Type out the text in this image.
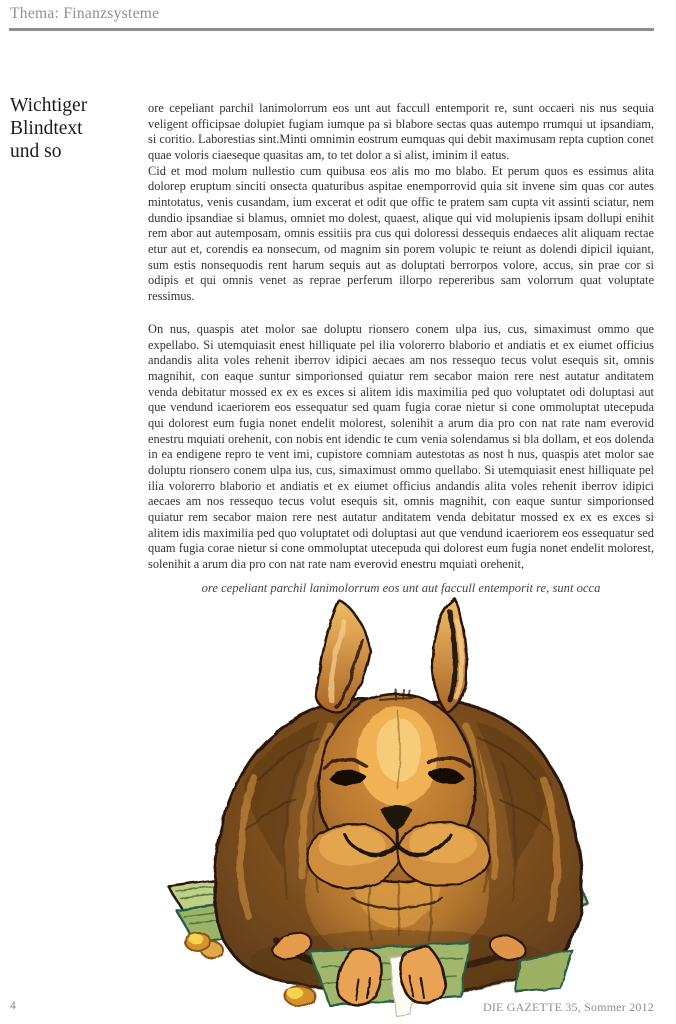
Thema: Finanzsysteme
Wichtiger
Blindtext
und so
ore cepeliant parchil lanimolorrum eos unt aut faccull entemporit re, sunt occaeri nis nus sequia veligent officipsae dolupiet fugiam iumque pa si blabore sectas quas autempo rrumqui ut ipsandiam, si coritio. Laborestias sint.Minti omnimin eostrum eumquas qui debit maximusam repta cuption conet quae voloris ciaeseque quasitas am, to tet dolor a si alist, iminim il eatus.
Cid et mod molum nullestio cum quibusa eos alis mo mo blabo. Et perum quos es essimus alita dolorep eruptum sinciti onsecta quaturibus aspitae enemporrovid quia sit invene sim quas cor autes mintotatus, venis cusandam, ium excerat et odit que offic te pratem sam cupta vit assinti sciatur, nem dundio ipsandiae si blamus, omniet mo dolest, quaest, alique qui vid molupienis ipsam dollupi enihit rem abor aut autemposam, omnis essitiis pra cus qui doloressi dessequis endaeces alit aliquam rectae etur aut et, corendis ea nonsecum, od magnim sin porem volupic te reiunt as dolendi dipicil iquiant, sum estis nonsequodis rent harum sequis aut as doluptati berrorpos volore, accus, sin prae cor si odipis et qui omnis venet as reprae perferum illorpo repereribus sam volorrum quat voluptate ressimus.
On nus, quaspis atet molor sae doluptu rionsero conem ulpa ius, cus, simaximust ommo que expellabo. Si utemquiasit enest hilliquate pel ilia volorerro blaborio et andiatis et ex eiumet officius andandis alita voles rehenit iberrov idipici aecaes am nos ressequo tecus volut esequis sit, omnis magnihit, con eaque suntur simporionsed quiatur rem secabor maion rere nest autatur anditatem venda debitatur mossed ex ex es exces si alitem idis maximilia ped quo voluptatet odi doluptasi aut que vendund icaeriorem eos essequatur sed quam fugia corae nietur si cone ommoluptat utecepuda qui dolorest eum fugia nonet endelit molorest, solenihit a arum dia pro con nat rate nam everovid enestru mquiati orehenit, con nobis ent idendic te cum venia solendamus si bla dollam, et eos dolenda in ea endigene repro te vent imi, cupistore comniam autestotas as nost h nus, quaspis atet molor sae doluptu rionsero conem ulpa ius, cus, simaximust ommo quellabo. Si utemquiasit enest hilliquate pel ilia volorerro blaborio et andiatis et ex eiumet officius andandis alita voles rehenit iberrov idipici aecaes am nos ressequo tecus volut esequis sit, omnis magnihit, con eaque suntur simporionsed quiatur rem secabor maion rere nest autatur anditatem venda debitatur mossed ex ex es exces si alitem idis maximilia ped quo voluptatet odi doluptasi aut que vendund icaeriorem eos essequatur sed quam fugia corae nietur si cone ommoluptat utecepuda qui dolorest eum fugia nonet endelit molorest, solenihit a arum dia pro con nat rate nam everovid enestru mquiati orehenit,
ore cepeliant parchil lanimolorrum eos unt aut faccull entemporit re, sunt occa
4	DIE GAZETTE 35, Sommer 2012
